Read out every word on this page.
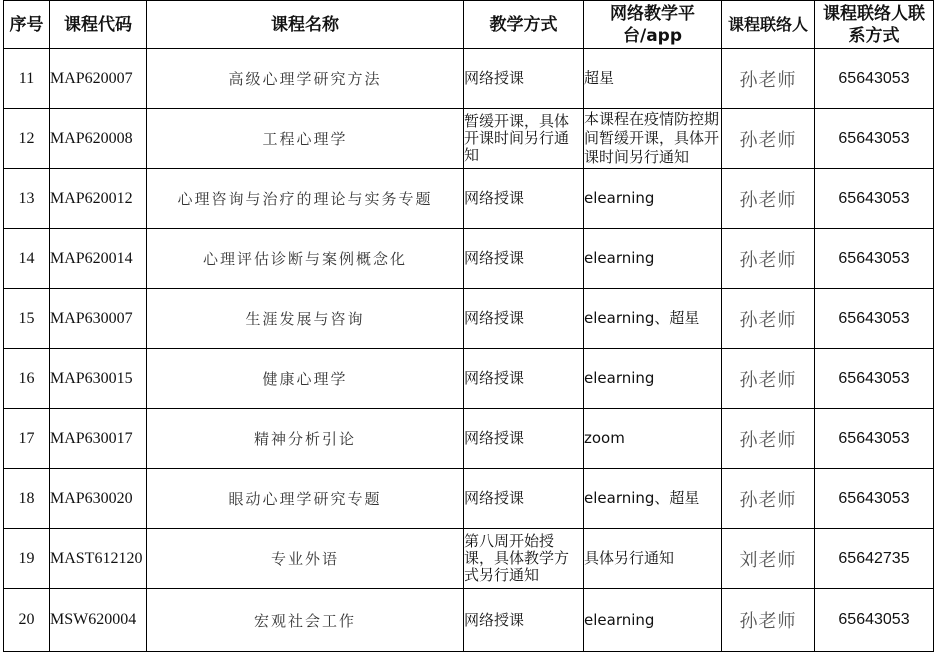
序号	课程代码	课程名称	教学方式	网络教学平台/app	课程联络人	课程联络人联系方式

11	MAP620007	高级心理学研究方法	网络授课	超星	孙老师	65643053

12	MAP620008	工程心理学	暂缓开课，具体开课时间另行通知	本课程在疫情防控期间暂缓开课，具体开课时间另行通知	孙老师	65643053

13	MAP620012	心理咨询与治疗的理论与实务专题	网络授课	elearning	孙老师	65643053

14	MAP620014	心理评估诊断与案例概念化	网络授课	elearning	孙老师	65643053

15	MAP630007	生涯发展与咨询	网络授课	elearning、超星	孙老师	65643053

16	MAP630015	健康心理学	网络授课	elearning	孙老师	65643053

17	MAP630017	精神分析引论	网络授课	zoom	孙老师	65643053

18	MAP630020	眼动心理学研究专题	网络授课	elearning、超星	孙老师	65643053

19	MAST612120	专业外语	第八周开始授课，具体教学方式另行通知	具体另行通知	刘老师	65642735

20	MSW620004	宏观社会工作	网络授课	elearning	孙老师	65643053
